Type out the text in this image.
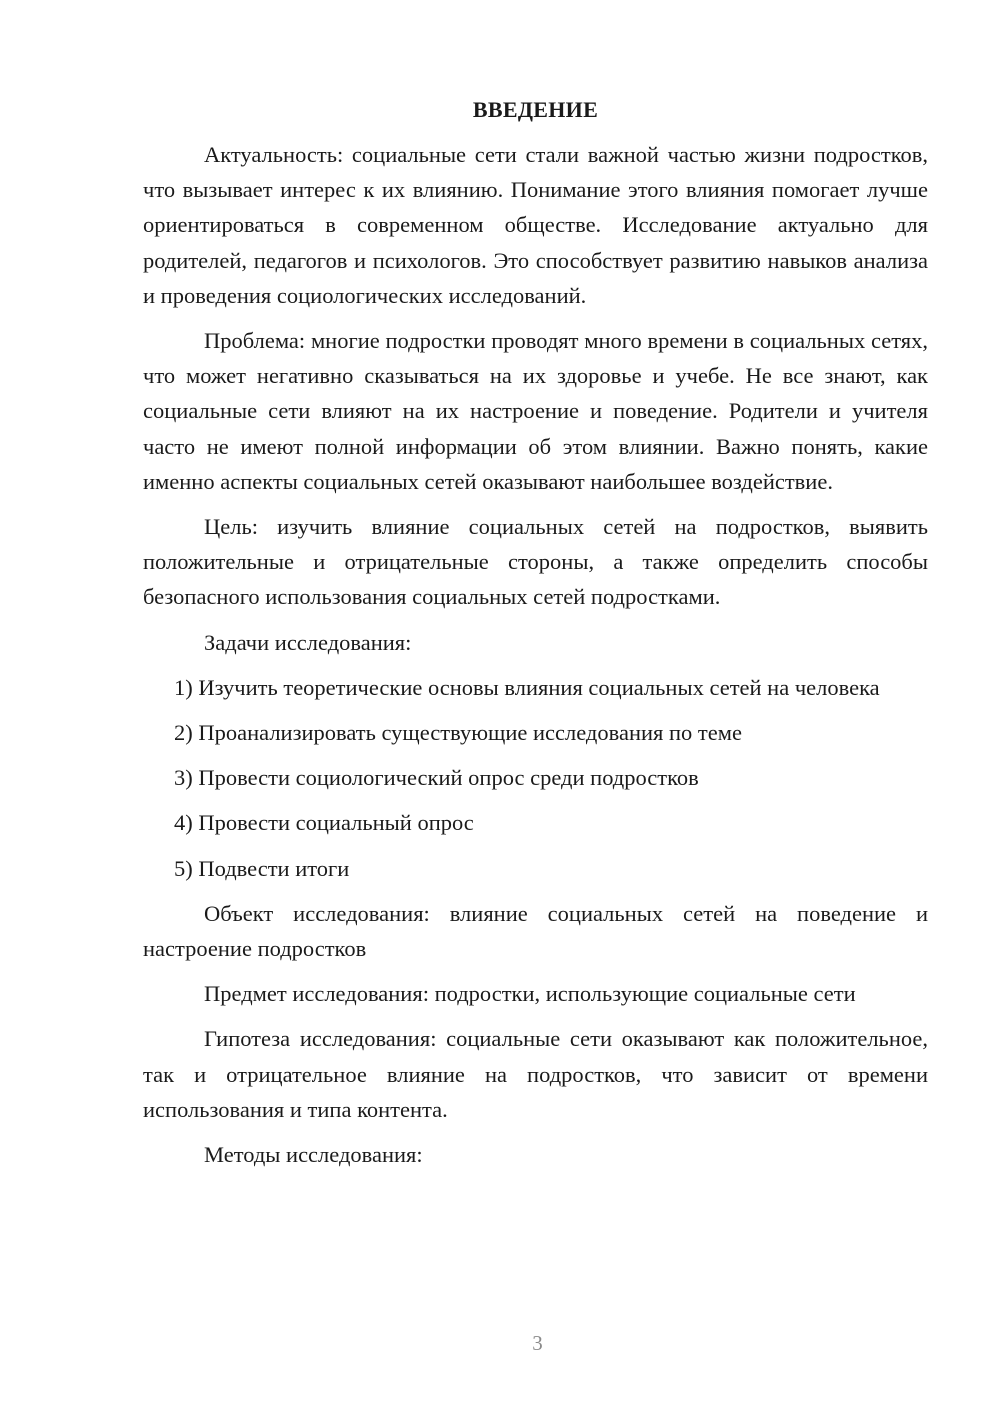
ВВЕДЕНИЕ

Актуальность: социальные сети стали важной частью жизни подростков, что вызывает интерес к их влиянию. Понимание этого влияния помогает лучше ориентироваться в современном обществе. Исследование актуально для родителей, педагогов и психологов. Это способствует развитию навыков анализа и проведения социологических исследований.

Проблема: многие подростки проводят много времени в социальных сетях, что может негативно сказываться на их здоровье и учебе. Не все знают, как социальные сети влияют на их настроение и поведение. Родители и учителя часто не имеют полной информации об этом влиянии. Важно понять, какие именно аспекты социальных сетей оказывают наибольшее воздействие.

Цель: изучить влияние социальных сетей на подростков, выявить положительные и отрицательные стороны, а также определить способы безопасного использования социальных сетей подростками.

Задачи исследования:

1) Изучить теоретические основы влияния социальных сетей на человека

2) Проанализировать существующие исследования по теме

3) Провести социологический опрос среди подростков

4) Провести социальный опрос

5) Подвести итоги

Объект исследования: влияние социальных сетей на поведение и настроение подростков

Предмет исследования: подростки, использующие социальные сети

Гипотеза исследования: социальные сети оказывают как положительное, так и отрицательное влияние на подростков, что зависит от времени использования и типа контента.

Методы исследования:

3
